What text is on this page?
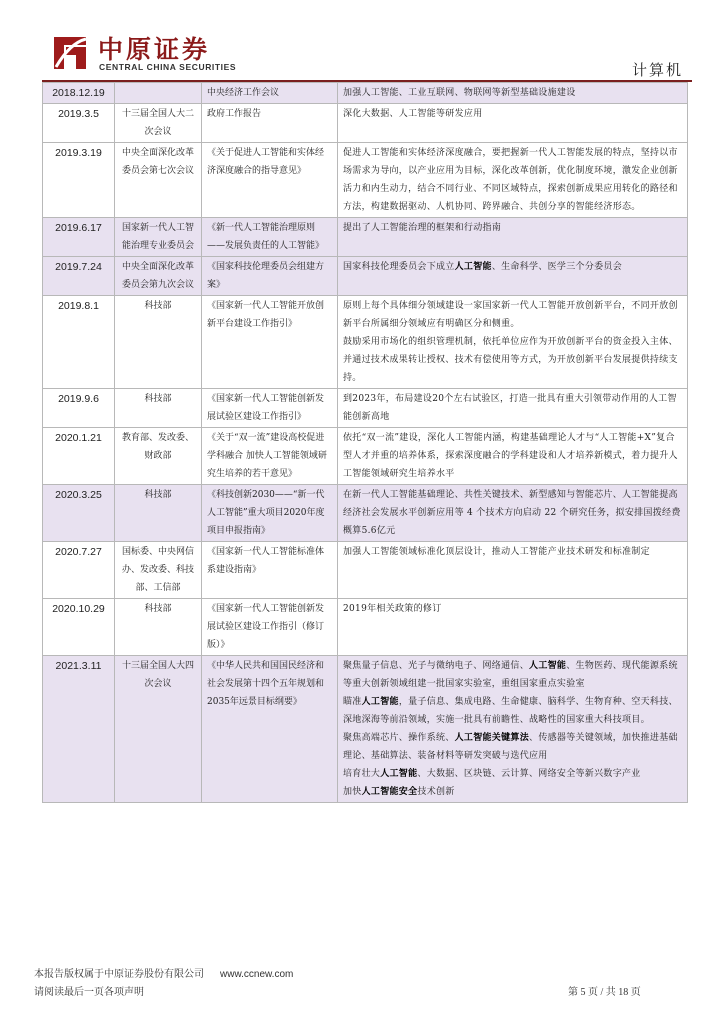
中原证券
CENTRAL CHINA SECURITIES	计算机
2018.12.19		中央经济工作会议	加强人工智能、工业互联网、物联网等新型基础设施建设
2019.3.5	十三届全国人大二次会议	政府工作报告	深化大数据、人工智能等研发应用
2019.3.19	中央全面深化改革委员会第七次会议	《关于促进人工智能和实体经济深度融合的指导意见》	促进人工智能和实体经济深度融合，要把握新一代人工智能发展的特点，坚持以市场需求为导向，以产业应用为目标，深化改革创新，优化制度环境，激发企业创新活力和内生动力，结合不同行业、不同区域特点，探索创新成果应用转化的路径和方法，构建数据驱动、人机协同、跨界融合、共创分享的智能经济形态。
2019.6.17	国家新一代人工智能治理专业委员会	《新一代人工智能治理原则——发展负责任的人工智能》	提出了人工智能治理的框架和行动指南
2019.7.24	中央全面深化改革委员会第九次会议	《国家科技伦理委员会组建方案》	国家科技伦理委员会下成立人工智能、生命科学、医学三个分委员会
2019.8.1	科技部	《国家新一代人工智能开放创新平台建设工作指引》	原则上每个具体细分领域建设一家国家新一代人工智能开放创新平台，不同开放创新平台所属细分领域应有明确区分和侧重。
鼓励采用市场化的组织管理机制，依托单位应作为开放创新平台的资金投入主体、并通过技术成果转让授权、技术有偿使用等方式，为开放创新平台发展提供持续支持。

2019.9.6	科技部	《国家新一代人工智能创新发展试验区建设工作指引》	到2023年，布局建设20个左右试验区，打造一批具有重大引领带动作用的人工智能创新高地
2020.1.21	教育部、发改委、财政部	《关于“双一流”建设高校促进学科融合 加快人工智能领域研究生培养的若干意见》	依托“双一流”建设，深化人工智能内涵，构建基础理论人才与“人工智能+X”复合型人才并重的培养体系，探索深度融合的学科建设和人才培养新模式，着力提升人工智能领域研究生培养水平
2020.3.25	科技部	《科技创新2030——“新一代人工智能”重大项目2020年度项目申报指南》	在新一代人工智能基础理论、共性关键技术、新型感知与智能芯片、人工智能提高经济社会发展水平创新应用等 4 个技术方向启动 22 个研究任务，拟安排国拨经费概算5.6亿元
2020.7.27	国标委、中央网信办、发改委、科技部、工信部	《国家新一代人工智能标准体系建设指南》	加强人工智能领域标准化顶层设计，推动人工智能产业技术研发和标准制定
2020.10.29	科技部	《国家新一代人工智能创新发展试验区建设工作指引（修订版）》	2019年相关政策的修订
2021.3.11	十三届全国人大四次会议	《中华人民共和国国民经济和社会发展第十四个五年规划和2035年远景目标纲要》	聚焦量子信息、光子与微纳电子、网络通信、人工智能、生物医药、现代能源系统等重大创新领域组建一批国家实验室，重组国家重点实验室
瞄准人工智能，量子信息、集成电路、生命健康、脑科学、生物育种、空天科技、深地深海等前沿领域，实施一批具有前瞻性、战略性的国家重大科技项目。
聚焦高端芯片、操作系统、人工智能关键算法、传感器等关键领域，加快推进基础理论、基础算法、装备材料等研发突破与迭代应用
培育壮大人工智能、大数据、区块链、云计算、网络安全等新兴数字产业
加快人工智能安全技术创新
本报告版权属于中原证券股份有限公司 www.ccnew.com
请阅读最后一页各项声明	第 5 页 / 共 18 页
